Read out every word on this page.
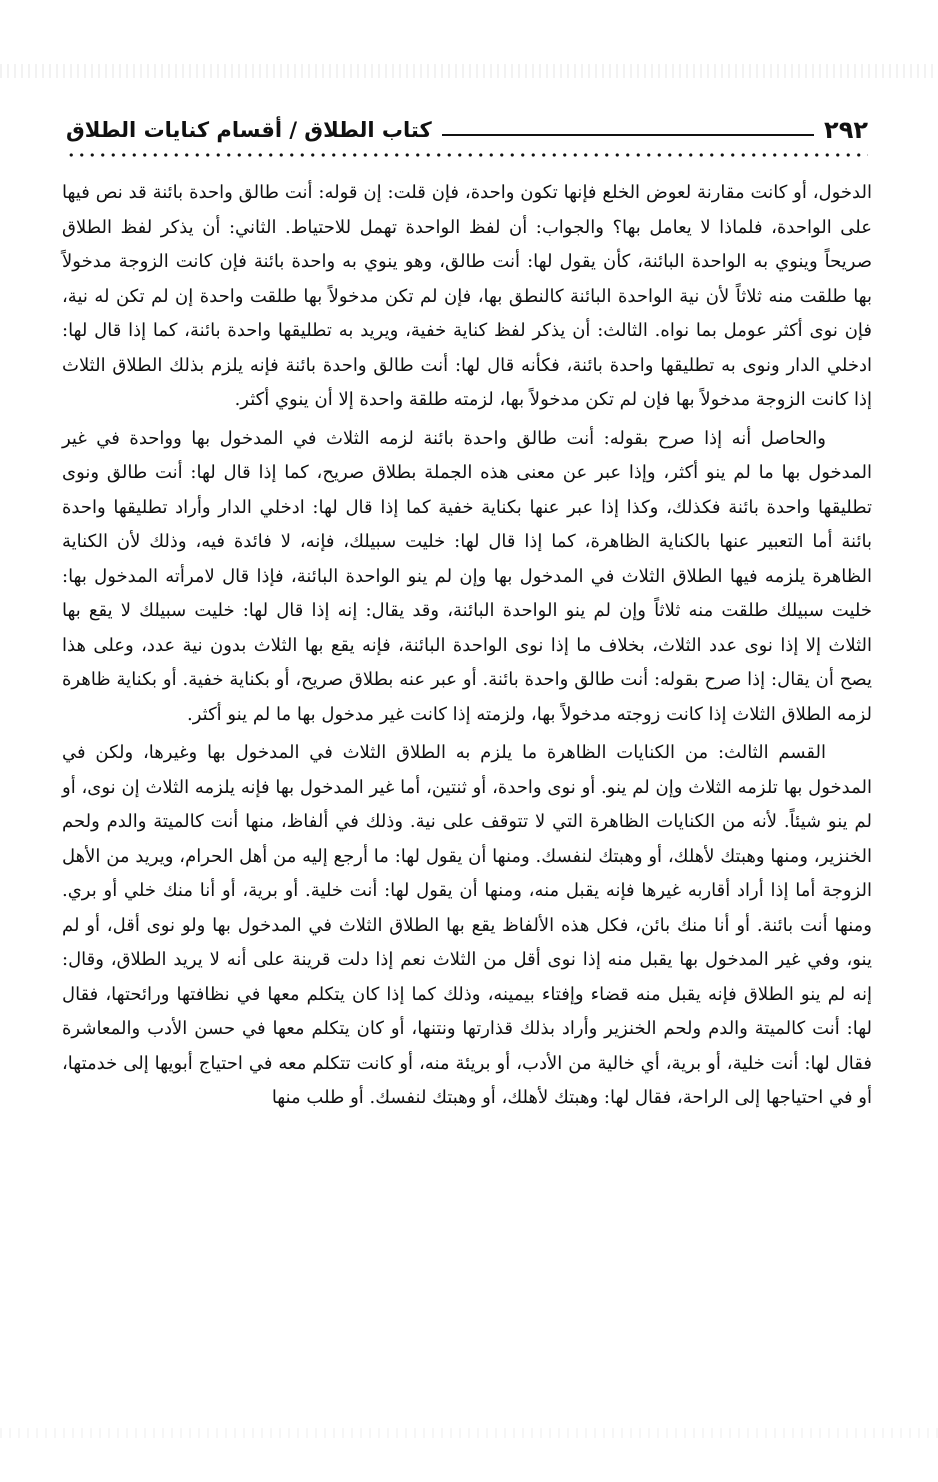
٢٩٢
كتاب الطلاق / أقسام كنايات الطلاق

الدخول، أو كانت مقارنة لعوض الخلع فإنها تكون واحدة، فإن قلت: إن قوله: أنت طالق واحدة بائنة قد نص فيها على الواحدة، فلماذا لا يعامل بها؟ والجواب: أن لفظ الواحدة تهمل للاحتياط. الثاني: أن يذكر لفظ الطلاق صريحاً وينوي به الواحدة البائنة، كأن يقول لها: أنت طالق، وهو ينوي به واحدة بائنة فإن كانت الزوجة مدخولاً بها طلقت منه ثلاثاً لأن نية الواحدة البائنة كالنطق بها، فإن لم تكن مدخولاً بها طلقت واحدة إن لم تكن له نية، فإن نوى أكثر عومل بما نواه. الثالث: أن يذكر لفظ كناية خفية، ويريد به تطليقها واحدة بائنة، كما إذا قال لها: ادخلي الدار ونوى به تطليقها واحدة بائنة، فكأنه قال لها: أنت طالق واحدة بائنة فإنه يلزم بذلك الطلاق الثلاث إذا كانت الزوجة مدخولاً بها فإن لم تكن مدخولاً بها، لزمته طلقة واحدة إلا أن ينوي أكثر.

والحاصل أنه إذا صرح بقوله: أنت طالق واحدة بائنة لزمه الثلاث في المدخول بها وواحدة في غير المدخول بها ما لم ينو أكثر، وإذا عبر عن معنى هذه الجملة بطلاق صريح، كما إذا قال لها: أنت طالق ونوى تطليقها واحدة بائنة فكذلك، وكذا إذا عبر عنها بكناية خفية كما إذا قال لها: ادخلي الدار وأراد تطليقها واحدة بائنة أما التعبير عنها بالكناية الظاهرة، كما إذا قال لها: خليت سبيلك، فإنه، لا فائدة فيه، وذلك لأن الكناية الظاهرة يلزمه فيها الطلاق الثلاث في المدخول بها وإن لم ينو الواحدة البائنة، فإذا قال لامرأته المدخول بها: خليت سبيلك طلقت منه ثلاثاً وإن لم ينو الواحدة البائنة، وقد يقال: إنه إذا قال لها: خليت سبيلك لا يقع بها الثلاث إلا إذا نوى عدد الثلاث، بخلاف ما إذا نوى الواحدة البائنة، فإنه يقع بها الثلاث بدون نية عدد، وعلى هذا يصح أن يقال: إذا صرح بقوله: أنت طالق واحدة بائنة. أو عبر عنه بطلاق صريح، أو بكناية خفية. أو بكناية ظاهرة لزمه الطلاق الثلاث إذا كانت زوجته مدخولاً بها، ولزمته إذا كانت غير مدخول بها ما لم ينو أكثر.

القسم الثالث: من الكنايات الظاهرة ما يلزم به الطلاق الثلاث في المدخول بها وغيرها، ولكن في المدخول بها تلزمه الثلاث وإن لم ينو. أو نوى واحدة، أو ثنتين، أما غير المدخول بها فإنه يلزمه الثلاث إن نوى، أو لم ينو شيئاً. لأنه من الكنايات الظاهرة التي لا تتوقف على نية. وذلك في ألفاظ، منها أنت كالميتة والدم ولحم الخنزير، ومنها وهبتك لأهلك، أو وهبتك لنفسك. ومنها أن يقول لها: ما أرجع إليه من أهل الحرام، ويريد من الأهل الزوجة أما إذا أراد أقاربه غيرها فإنه يقبل منه، ومنها أن يقول لها: أنت خلية. أو برية، أو أنا منك خلي أو بري. ومنها أنت بائنة. أو أنا منك بائن، فكل هذه الألفاظ يقع بها الطلاق الثلاث في المدخول بها ولو نوى أقل، أو لم ينو، وفي غير المدخول بها يقبل منه إذا نوى أقل من الثلاث نعم إذا دلت قرينة على أنه لا يريد الطلاق، وقال: إنه لم ينو الطلاق فإنه يقبل منه قضاء وإفتاء بيمينه، وذلك كما إذا كان يتكلم معها في نظافتها ورائحتها، فقال لها: أنت كالميتة والدم ولحم الخنزير وأراد بذلك قذارتها ونتنها، أو كان يتكلم معها في حسن الأدب والمعاشرة فقال لها: أنت خلية، أو برية، أي خالية من الأدب، أو بريئة منه، أو كانت تتكلم معه في احتياج أبويها إلى خدمتها، أو في احتياجها إلى الراحة، فقال لها: وهبتك لأهلك، أو وهبتك لنفسك. أو طلب منها
